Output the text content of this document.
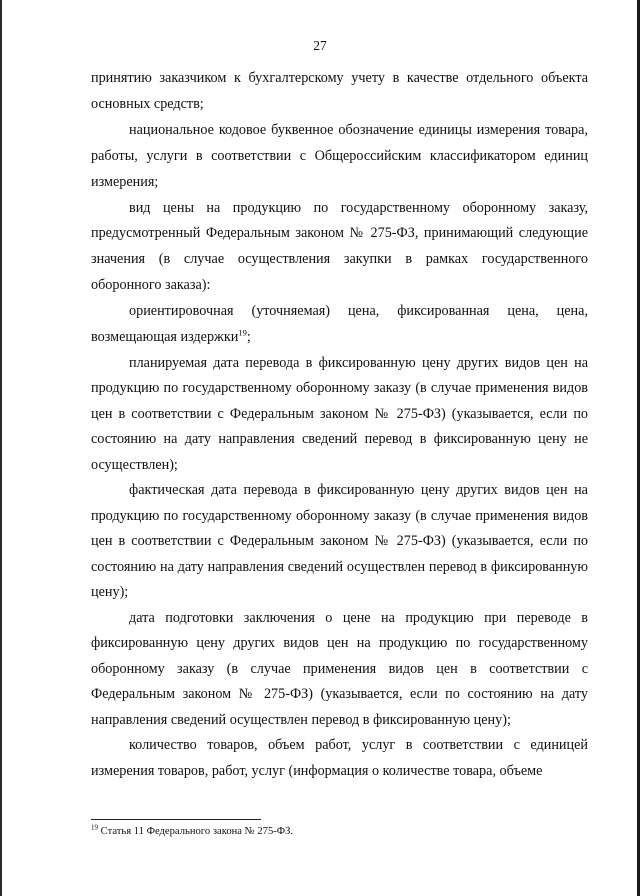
27

принятию заказчиком к бухгалтерскому учету в качестве отдельного объекта основных средств;

национальное кодовое буквенное обозначение единицы измерения товара, работы, услуги в соответствии с Общероссийским классификатором единиц измерения;

вид цены на продукцию по государственному оборонному заказу, предусмотренный Федеральным законом № 275-ФЗ, принимающий следующие значения (в случае осуществления закупки в рамках государственного оборонного заказа):

ориентировочная (уточняемая) цена, фиксированная цена, цена, возмещающая издержки$^{19}$;

планируемая дата перевода в фиксированную цену других видов цен на продукцию по государственному оборонному заказу (в случае применения видов цен в соответствии с Федеральным законом № 275-ФЗ) (указывается, если по состоянию на дату направления сведений перевод в фиксированную цену не осуществлен);

фактическая дата перевода в фиксированную цену других видов цен на продукцию по государственному оборонному заказу (в случае применения видов цен в соответствии с Федеральным законом № 275-ФЗ) (указывается, если по состоянию на дату направления сведений осуществлен перевод в фиксированную цену);

дата подготовки заключения о цене на продукцию при переводе в фиксированную цену других видов цен на продукцию по государственному оборонному заказу (в случае применения видов цен в соответствии с Федеральным законом № 275-ФЗ) (указывается, если по состоянию на дату направления сведений осуществлен перевод в фиксированную цену);

количество товаров, объем работ, услуг в соответствии с единицей измерения товаров, работ, услуг (информация о количестве товара, объеме

$^{19}$ Статья 11 Федерального закона № 275-ФЗ.
